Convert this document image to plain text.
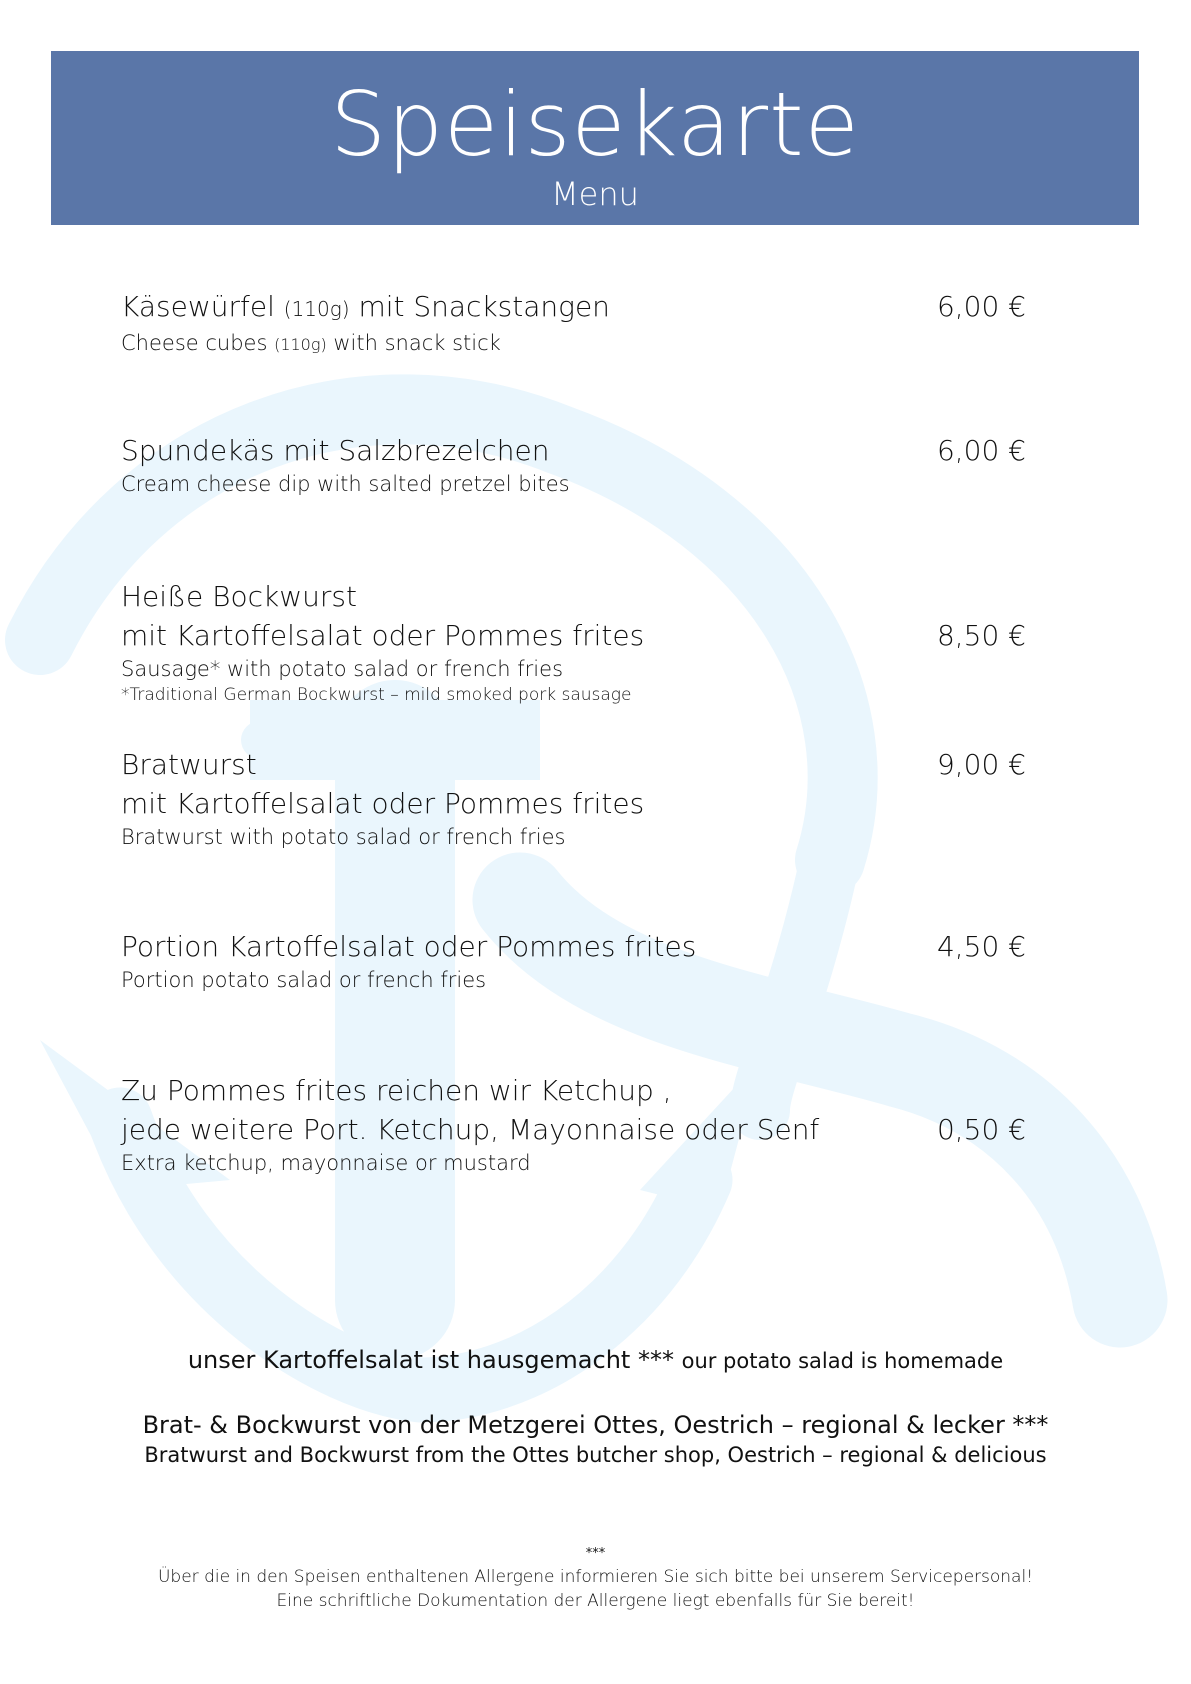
Speisekarte
Menu
Käsewürfel (110g) mit Snackstangen
Cheese cubes (110g) with snack stick
6,00 €
Spundekäs mit Salzbrezelchen
Cream cheese dip with salted pretzel bites
6,00 €
Heiße Bockwurst
mit Kartoffelsalat oder Pommes frites
Sausage* with potato salad or french fries
*Traditional German Bockwurst – mild smoked pork sausage
8,50 €
Bratwurst
mit Kartoffelsalat oder Pommes frites
Bratwurst with potato salad or french fries
9,00 €
Portion Kartoffelsalat oder Pommes frites
Portion potato salad or french fries
4,50 €
Zu Pommes frites reichen wir Ketchup ,
jede weitere Port. Ketchup, Mayonnaise oder Senf
Extra ketchup, mayonnaise or mustard
0,50 €
unser Kartoffelsalat ist hausgemacht *** our potato salad is homemade
Brat- & Bockwurst von der Metzgerei Ottes, Oestrich – regional & lecker ***
Bratwurst and Bockwurst from the Ottes butcher shop, Oestrich – regional & delicious
***
Über die in den Speisen enthaltenen Allergene informieren Sie sich bitte bei unserem Servicepersonal!
Eine schriftliche Dokumentation der Allergene liegt ebenfalls für Sie bereit!
